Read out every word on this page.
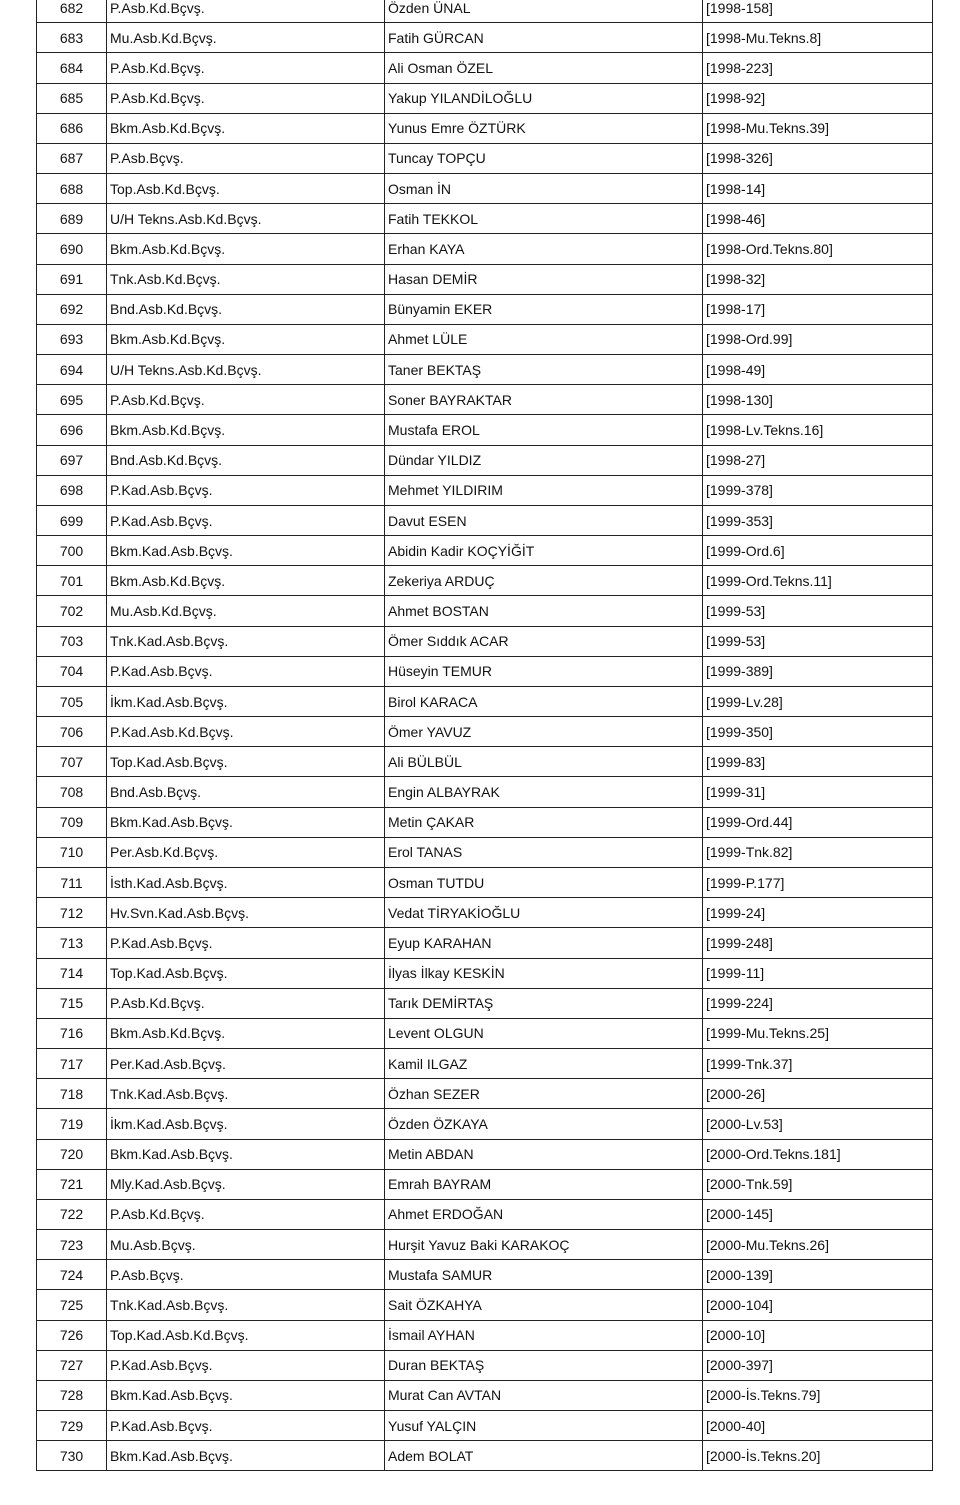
682	P.Asb.Kd.Bçvş.	Özden ÜNAL	[1998-158]
683	Mu.Asb.Kd.Bçvş.	Fatih GÜRCAN	[1998-Mu.Tekns.8]
684	P.Asb.Kd.Bçvş.	Ali Osman ÖZEL	[1998-223]
685	P.Asb.Kd.Bçvş.	Yakup YILANDİLOĞLU	[1998-92]
686	Bkm.Asb.Kd.Bçvş.	Yunus Emre ÖZTÜRK	[1998-Mu.Tekns.39]
687	P.Asb.Bçvş.	Tuncay TOPÇU	[1998-326]
688	Top.Asb.Kd.Bçvş.	Osman İN	[1998-14]
689	U/H Tekns.Asb.Kd.Bçvş.	Fatih TEKKOL	[1998-46]
690	Bkm.Asb.Kd.Bçvş.	Erhan KAYA	[1998-Ord.Tekns.80]
691	Tnk.Asb.Kd.Bçvş.	Hasan DEMİR	[1998-32]
692	Bnd.Asb.Kd.Bçvş.	Bünyamin EKER	[1998-17]
693	Bkm.Asb.Kd.Bçvş.	Ahmet LÜLE	[1998-Ord.99]
694	U/H Tekns.Asb.Kd.Bçvş.	Taner BEKTAŞ	[1998-49]
695	P.Asb.Kd.Bçvş.	Soner BAYRAKTAR	[1998-130]
696	Bkm.Asb.Kd.Bçvş.	Mustafa EROL	[1998-Lv.Tekns.16]
697	Bnd.Asb.Kd.Bçvş.	Dündar YILDIZ	[1998-27]
698	P.Kad.Asb.Bçvş.	Mehmet YILDIRIM	[1999-378]
699	P.Kad.Asb.Bçvş.	Davut ESEN	[1999-353]
700	Bkm.Kad.Asb.Bçvş.	Abidin Kadir KOÇYİĞİT	[1999-Ord.6]
701	Bkm.Asb.Kd.Bçvş.	Zekeriya ARDUÇ	[1999-Ord.Tekns.11]
702	Mu.Asb.Kd.Bçvş.	Ahmet BOSTAN	[1999-53]
703	Tnk.Kad.Asb.Bçvş.	Ömer Sıddık ACAR	[1999-53]
704	P.Kad.Asb.Bçvş.	Hüseyin TEMUR	[1999-389]
705	İkm.Kad.Asb.Bçvş.	Birol KARACA	[1999-Lv.28]
706	P.Kad.Asb.Kd.Bçvş.	Ömer YAVUZ	[1999-350]
707	Top.Kad.Asb.Bçvş.	Ali BÜLBÜL	[1999-83]
708	Bnd.Asb.Bçvş.	Engin ALBAYRAK	[1999-31]
709	Bkm.Kad.Asb.Bçvş.	Metin ÇAKAR	[1999-Ord.44]
710	Per.Asb.Kd.Bçvş.	Erol TANAS	[1999-Tnk.82]
711	İsth.Kad.Asb.Bçvş.	Osman TUTDU	[1999-P.177]
712	Hv.Svn.Kad.Asb.Bçvş.	Vedat TİRYAKİOĞLU	[1999-24]
713	P.Kad.Asb.Bçvş.	Eyup KARAHAN	[1999-248]
714	Top.Kad.Asb.Bçvş.	İlyas İlkay KESKİN	[1999-11]
715	P.Asb.Kd.Bçvş.	Tarık DEMİRTAŞ	[1999-224]
716	Bkm.Asb.Kd.Bçvş.	Levent OLGUN	[1999-Mu.Tekns.25]
717	Per.Kad.Asb.Bçvş.	Kamil ILGAZ	[1999-Tnk.37]
718	Tnk.Kad.Asb.Bçvş.	Özhan SEZER	[2000-26]
719	İkm.Kad.Asb.Bçvş.	Özden ÖZKAYA	[2000-Lv.53]
720	Bkm.Kad.Asb.Bçvş.	Metin ABDAN	[2000-Ord.Tekns.181]
721	Mly.Kad.Asb.Bçvş.	Emrah BAYRAM	[2000-Tnk.59]
722	P.Asb.Kd.Bçvş.	Ahmet ERDOĞAN	[2000-145]
723	Mu.Asb.Bçvş.	Hurşit Yavuz Baki KARAKOÇ	[2000-Mu.Tekns.26]
724	P.Asb.Bçvş.	Mustafa SAMUR	[2000-139]
725	Tnk.Kad.Asb.Bçvş.	Sait ÖZKAHYA	[2000-104]
726	Top.Kad.Asb.Kd.Bçvş.	İsmail AYHAN	[2000-10]
727	P.Kad.Asb.Bçvş.	Duran BEKTAŞ	[2000-397]
728	Bkm.Kad.Asb.Bçvş.	Murat Can AVTAN	[2000-İs.Tekns.79]
729	P.Kad.Asb.Bçvş.	Yusuf YALÇIN	[2000-40]
730	Bkm.Kad.Asb.Bçvş.	Adem BOLAT	[2000-İs.Tekns.20]
